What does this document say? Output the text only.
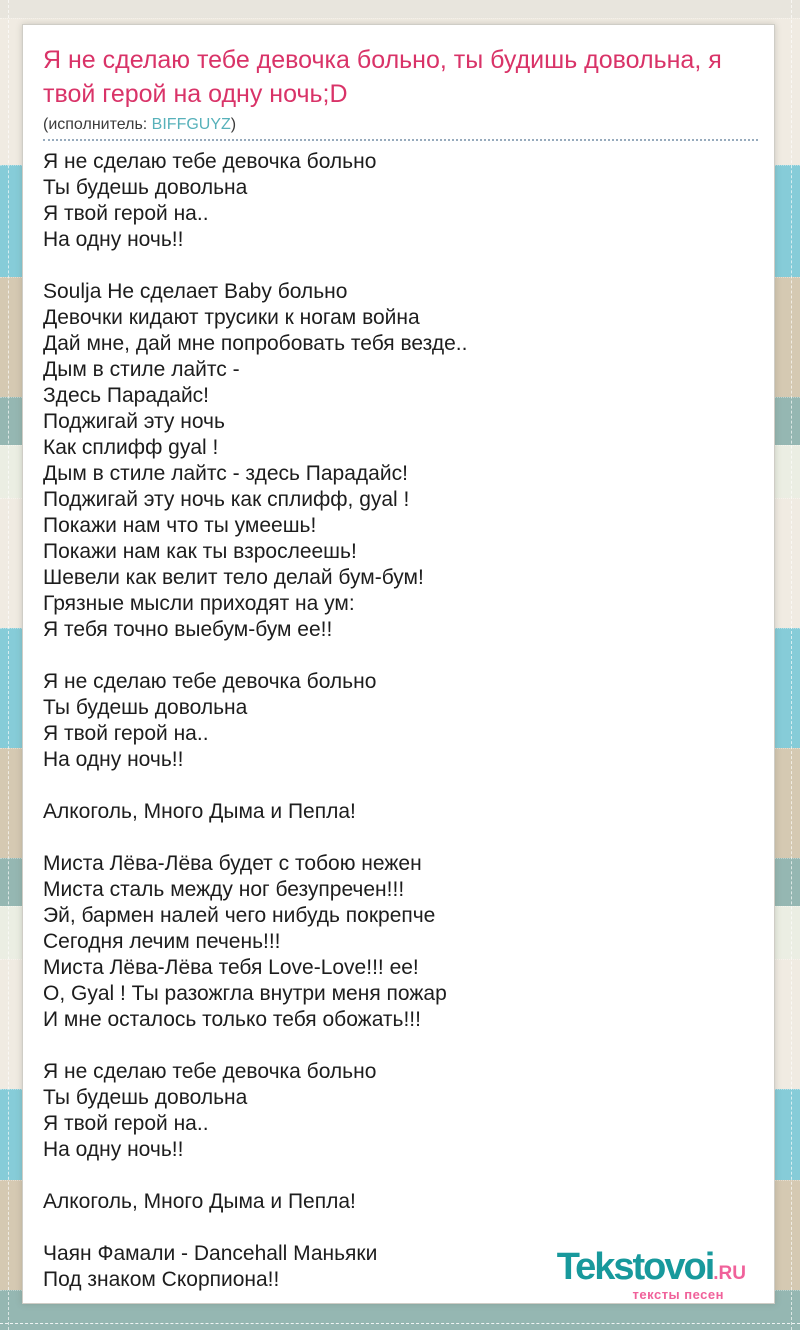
Я не сделаю тебе девочка больно, ты будишь довольна, я твой герой на одну ночь;D
(исполнитель: BIFFGUYZ)
Я не сделаю тебе девочка больно
Ты будешь довольна
Я твой герой на..
На одну ночь!!
Soulja Не сделает Baby больно
Девочки кидают трусики к ногам война
Дай мне, дай мне попробовать тебя везде..
Дым в стиле лайтс -
Здесь Парадайс!
Поджигай эту ночь
Как сплифф gyal !
Дым в стиле лайтс - здесь Парадайс!
Поджигай эту ночь как сплифф, gyal !
Покажи нам что ты умеешь!
Покажи нам как ты взрослеешь!
Шевели как велит тело делай бум-бум!
Грязные мысли приходят на ум:
Я тебя точно выебум-бум ее!!
Я не сделаю тебе девочка больно
Ты будешь довольна
Я твой герой на..
На одну ночь!!
Алкоголь, Много Дыма и Пепла!
Миста Лёва-Лёва будет с тобою нежен
Миста сталь между ног безупречен!!!
Эй, бармен налей чего нибудь покрепче
Сегодня лечим печень!!!
Миста Лёва-Лёва тебя Love-Love!!! ее!
О, Gyal ! Ты разожгла внутри меня пожар
И мне осталось только тебя обожать!!!
Я не сделаю тебе девочка больно
Ты будешь довольна
Я твой герой на..
На одну ночь!!
Алкоголь, Много Дыма и Пепла!
Чаян Фамали - Dancehall Маньяки
Под знаком Скорпиона!!	Tekstovoi.RU
тексты песен
